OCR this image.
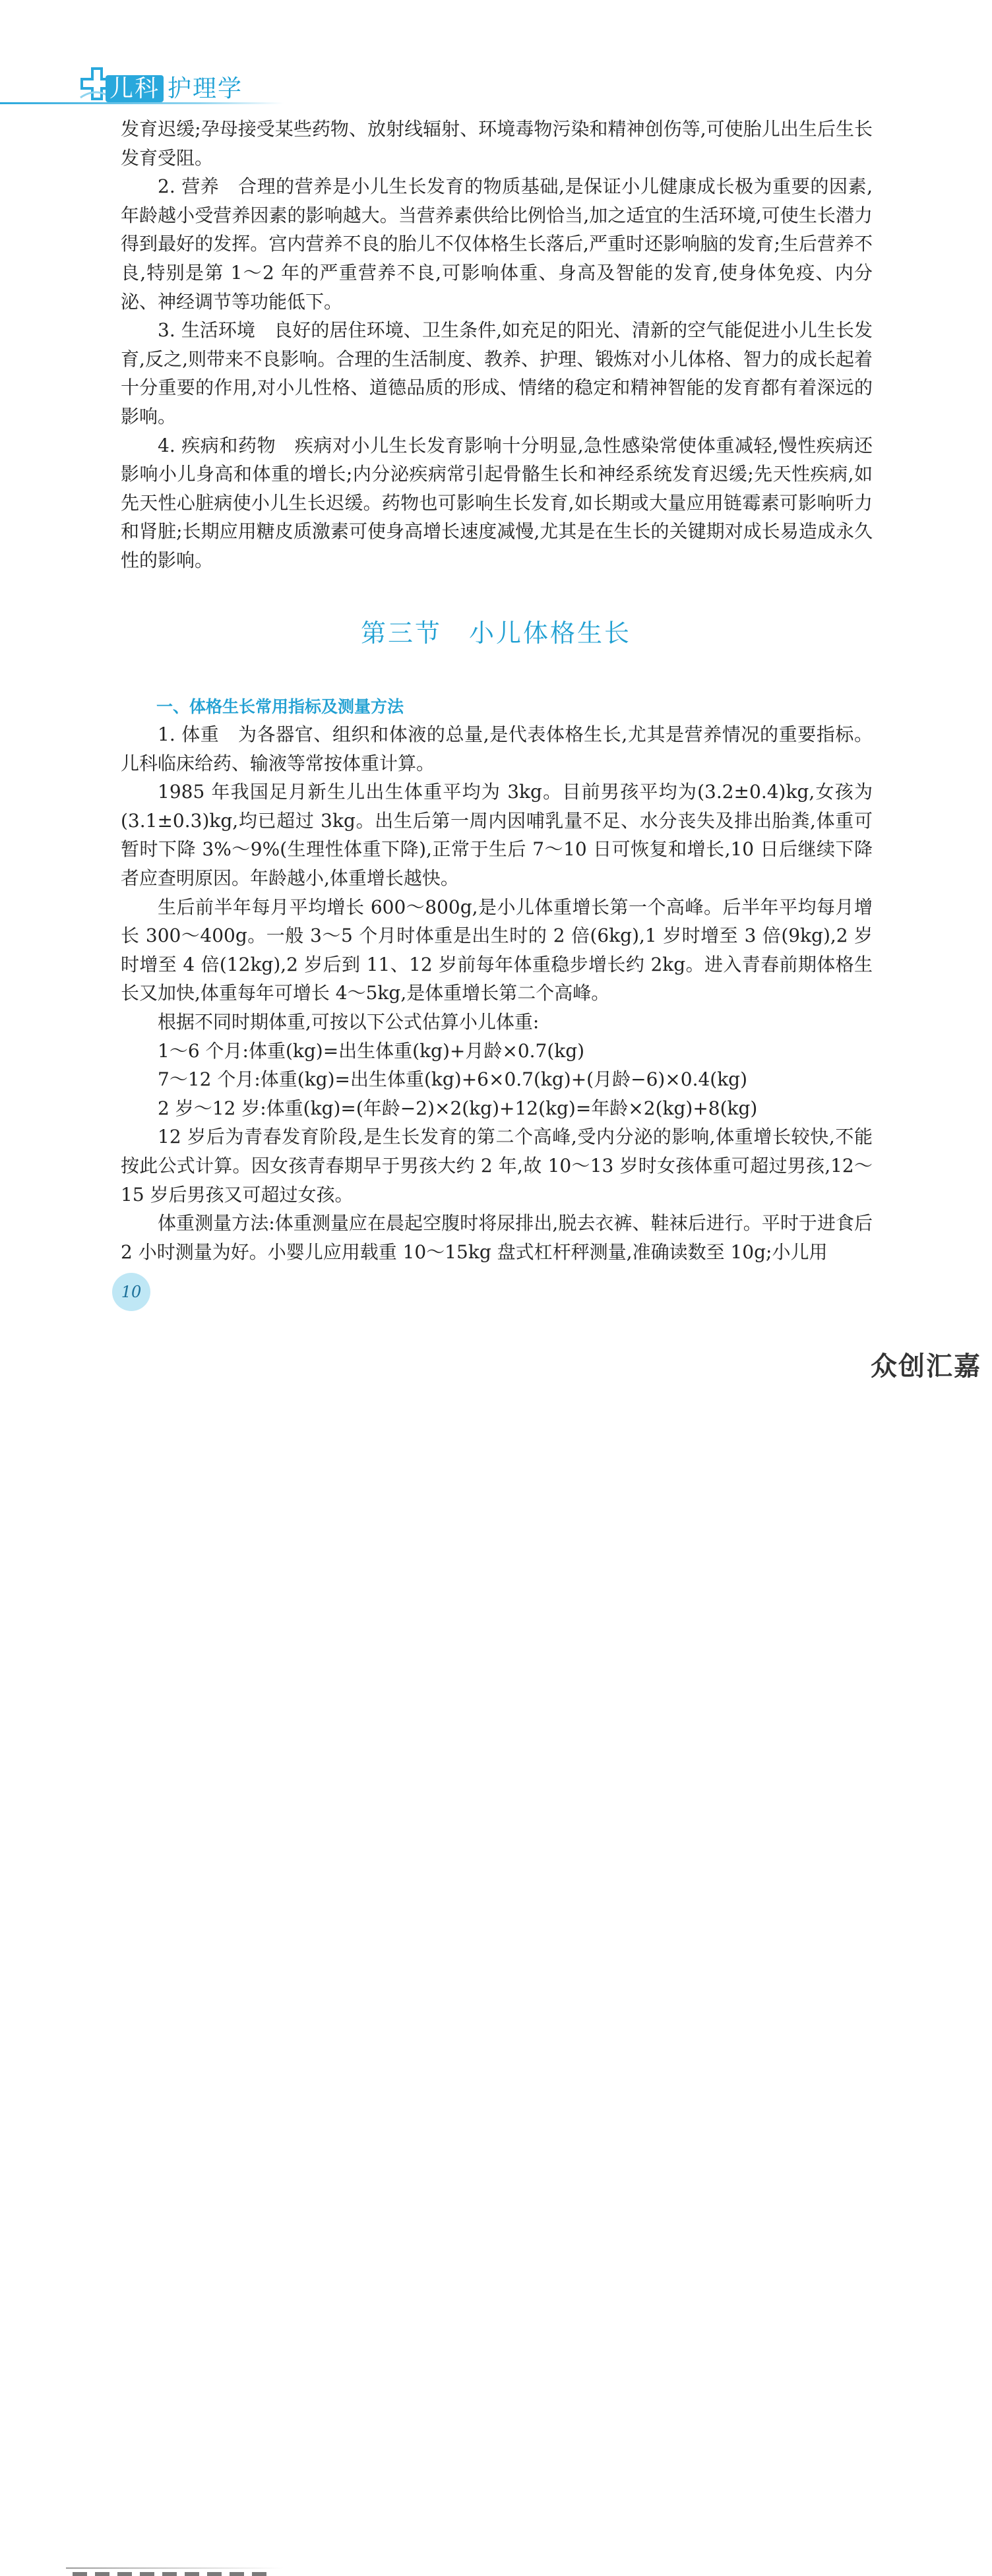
儿科 护理学

发育迟缓;孕母接受某些药物、放射线辐射、环境毒物污染和精神创伤等,可使胎儿出生后生长发育受阻。

2. 营养　合理的营养是小儿生长发育的物质基础,是保证小儿健康成长极为重要的因素,年龄越小受营养因素的影响越大。当营养素供给比例恰当,加之适宜的生活环境,可使生长潜力得到最好的发挥。宫内营养不良的胎儿不仅体格生长落后,严重时还影响脑的发育;生后营养不良,特别是第 1～2 年的严重营养不良,可影响体重、身高及智能的发育,使身体免疫、内分泌、神经调节等功能低下。

3. 生活环境　良好的居住环境、卫生条件,如充足的阳光、清新的空气能促进小儿生长发育,反之,则带来不良影响。合理的生活制度、教养、护理、锻炼对小儿体格、智力的成长起着十分重要的作用,对小儿性格、道德品质的形成、情绪的稳定和精神智能的发育都有着深远的影响。

4. 疾病和药物　疾病对小儿生长发育影响十分明显,急性感染常使体重减轻,慢性疾病还影响小儿身高和体重的增长;内分泌疾病常引起骨骼生长和神经系统发育迟缓;先天性疾病,如先天性心脏病使小儿生长迟缓。药物也可影响生长发育,如长期或大量应用链霉素可影响听力和肾脏;长期应用糖皮质激素可使身高增长速度减慢,尤其是在生长的关键期对成长易造成永久性的影响。

第三节　小儿体格生长
一、体格生长常用指标及测量方法

1. 体重　为各器官、组织和体液的总量,是代表体格生长,尤其是营养情况的重要指标。儿科临床给药、输液等常按体重计算。

1985 年我国足月新生儿出生体重平均为 3kg。目前男孩平均为(3.2±0.4)kg,女孩为(3.1±0.3)kg,均已超过 3kg。出生后第一周内因哺乳量不足、水分丧失及排出胎粪,体重可暂时下降 3%～9%(生理性体重下降),正常于生后 7～10 日可恢复和增长,10 日后继续下降者应查明原因。年龄越小,体重增长越快。

生后前半年每月平均增长 600～800g,是小儿体重增长第一个高峰。后半年平均每月增长 300～400g。一般 3～5 个月时体重是出生时的 2 倍(6kg),1 岁时增至 3 倍(9kg),2 岁时增至 4 倍(12kg),2 岁后到 11、12 岁前每年体重稳步增长约 2kg。进入青春前期体格生长又加快,体重每年可增长 4～5kg,是体重增长第二个高峰。

根据不同时期体重,可按以下公式估算小儿体重:

1～6 个月:体重(kg)=出生体重(kg)+月龄×0.7(kg)

7～12 个月:体重(kg)=出生体重(kg)+6×0.7(kg)+(月龄−6)×0.4(kg)

2 岁～12 岁:体重(kg)=(年龄−2)×2(kg)+12(kg)=年龄×2(kg)+8(kg)

12 岁后为青春发育阶段,是生长发育的第二个高峰,受内分泌的影响,体重增长较快,不能按此公式计算。因女孩青春期早于男孩大约 2 年,故 10～13 岁时女孩体重可超过男孩,12～15 岁后男孩又可超过女孩。

体重测量方法:体重测量应在晨起空腹时将尿排出,脱去衣裤、鞋袜后进行。平时于进食后 2 小时测量为好。小婴儿应用载重 10～15kg 盘式杠杆秤测量,准确读数至 10g;小儿用

10
众创汇嘉
